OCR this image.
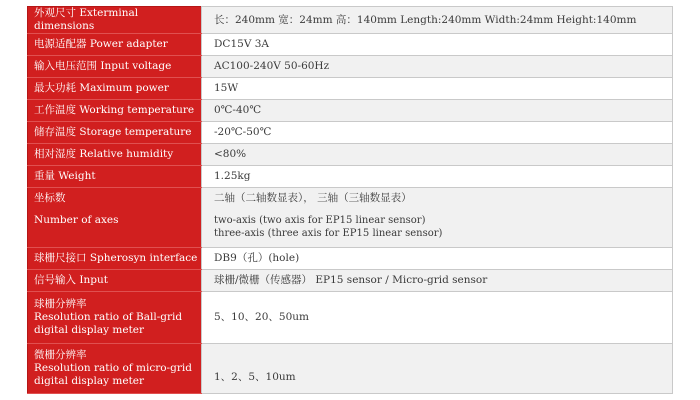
外观尺寸 Exterminal dimensions	长：240mm 宽：24mm 高：140mm Length:240mm Width:24mm Height:140mm
电源适配器 Power adapter	DC15V 3A
输入电压范围 Input voltage	AC100-240V 50-60Hz
最大功耗 Maximum power	15W
工作温度 Working temperature	0℃-40℃
储存温度 Storage temperature	-20℃-50℃
相对湿度 Relative humidity	<80%
重量 Weight	1.25kg

坐标数
Number of axes	二轴（二轴数显表）， 三轴（三轴数显表）
two-axis (two axis for EP15 linear sensor)
three-axis (three axis for EP15 linear sensor)

球栅尺接口 Spherosyn interface	DB9（孔）(hole)
信号输入 Input	球栅/微栅（传感器） EP15 sensor / Micro-grid sensor

球栅分辨率
Resolution ratio of Ball-grid
digital display meter	5、10、20、50um

微栅分辨率
Resolution ratio of micro-grid
digital display meter	1、2、5、10um
